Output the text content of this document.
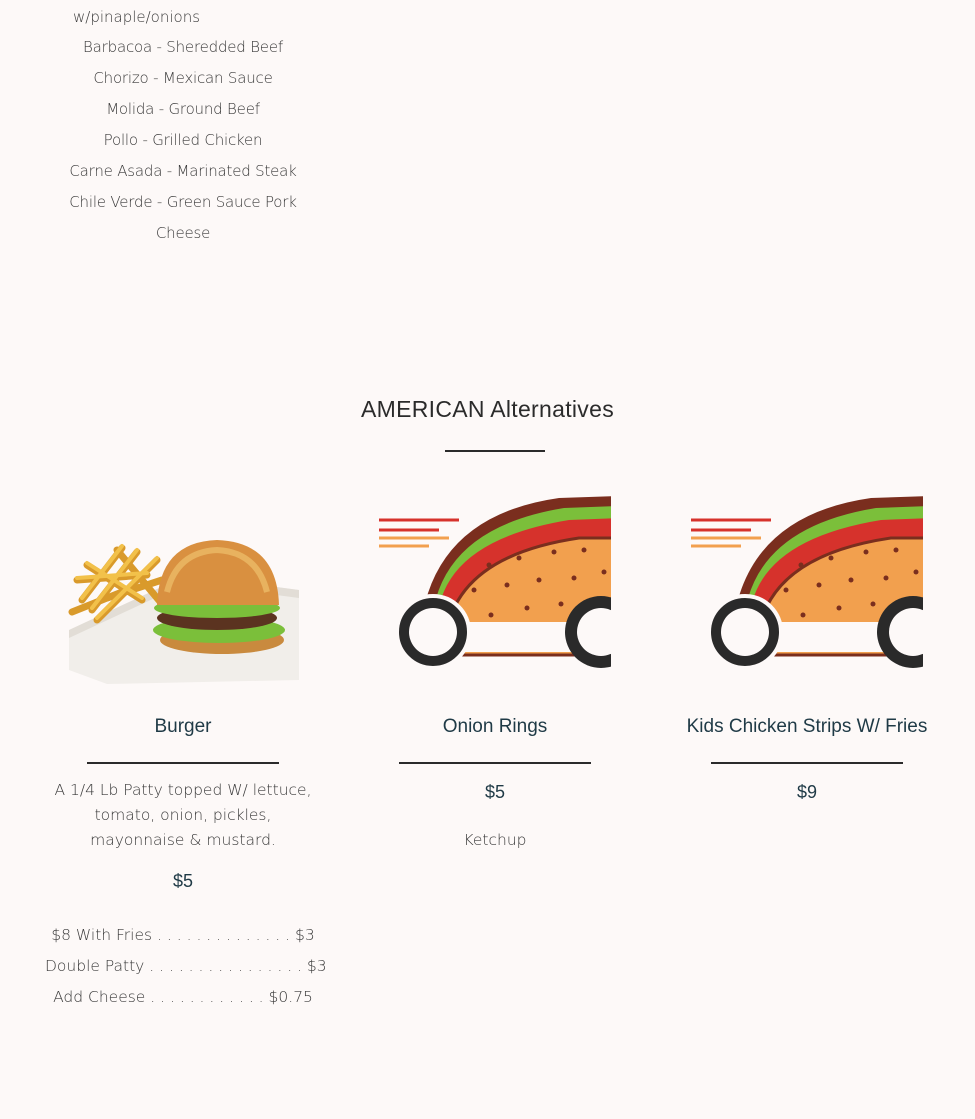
w/pinaple/onions
Barbacoa - Sheredded Beef
Chorizo - Mexican Sauce
Molida - Ground Beef
Pollo - Grilled Chicken
Carne Asada - Marinated Steak
Chile Verde - Green Sauce Pork
Cheese
AMERICAN Alternatives
Burger
A 1/4 Lb Patty topped W/ lettuce, tomato, onion, pickles, mayonnaise & mustard.
$5
$8 With Fries . . . . . . . . . . . . . . $3
Double Patty . . . . . . . . . . . . . . . . $3
Add Cheese . . . . . . . . . . . . $0.75
Onion Rings
$5
Ketchup
Kids Chicken Strips W/ Fries
$9
